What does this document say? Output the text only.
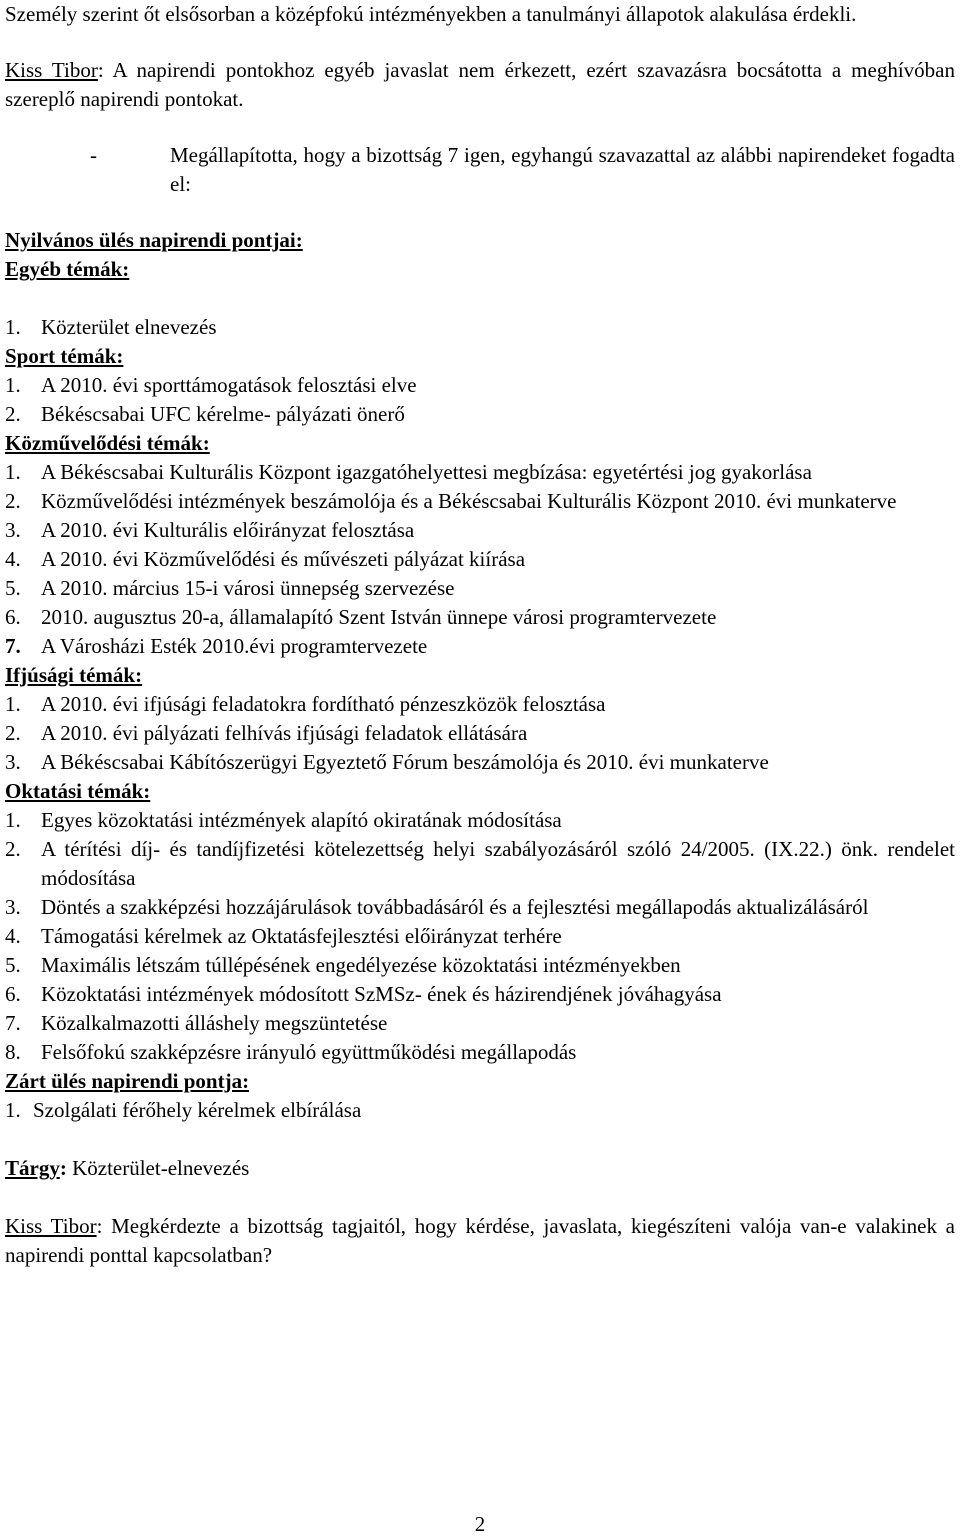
Személy szerint őt elsősorban a középfokú intézményekben a tanulmányi állapotok alakulása érdekli.

Kiss Tibor: A napirendi pontokhoz egyéb javaslat nem érkezett, ezért szavazásra bocsátotta a meghívóban szereplő napirendi pontokat.

-	Megállapította, hogy a bizottság 7 igen, egyhangú szavazattal az alábbi napirendeket fogadta el:

Nyilvános ülés napirendi pontjai:

Egyéb témák:

1. Közterület elnevezés

Sport témák:

1. A 2010. évi sporttámogatások felosztási elve
2. Békéscsabai UFC kérelme- pályázati önerő

Közművelődési témák:

1. A Békéscsabai Kulturális Központ igazgatóhelyettesi megbízása: egyetértési jog gyakorlása
2. Közművelődési intézmények beszámolója és a Békéscsabai Kulturális Központ 2010. évi munkaterve
3. A 2010. évi Kulturális előirányzat felosztása
4. A 2010. évi Közművelődési és művészeti pályázat kiírása
5. A 2010. március 15-i városi ünnepség szervezése
6. 2010. augusztus 20-a, államalapító Szent István ünnepe városi programtervezete
7. A Városházi Esték 2010.évi programtervezete

Ifjúsági témák:

1. A 2010. évi ifjúsági feladatokra fordítható pénzeszközök felosztása
2. A 2010. évi pályázati felhívás ifjúsági feladatok ellátására
3. A Békéscsabai Kábítószerügyi Egyeztető Fórum beszámolója és 2010. évi munkaterve

Oktatási témák:

1. Egyes közoktatási intézmények alapító okiratának módosítása
2. A térítési díj- és tandíjfizetési kötelezettség helyi szabályozásáról szóló 24/2005. (IX.22.) önk. rendelet módosítása
3. Döntés a szakképzési hozzájárulások továbbadásáról és a fejlesztési megállapodás aktualizálásáról
4. Támogatási kérelmek az Oktatásfejlesztési előirányzat terhére
5. Maximális létszám túllépésének engedélyezése közoktatási intézményekben
6. Közoktatási intézmények módosított SzMSz- ének és házirendjének jóváhagyása
7. Közalkalmazotti álláshely megszüntetése
8. Felsőfokú szakképzésre irányuló együttműködési megállapodás

Zárt ülés napirendi pontja:

1. Szolgálati férőhely kérelmek elbírálása

Tárgy: Közterület-elnevezés

Kiss Tibor: Megkérdezte a bizottság tagjaitól, hogy kérdése, javaslata, kiegészíteni valója van-e valakinek a napirendi ponttal kapcsolatban?

2
